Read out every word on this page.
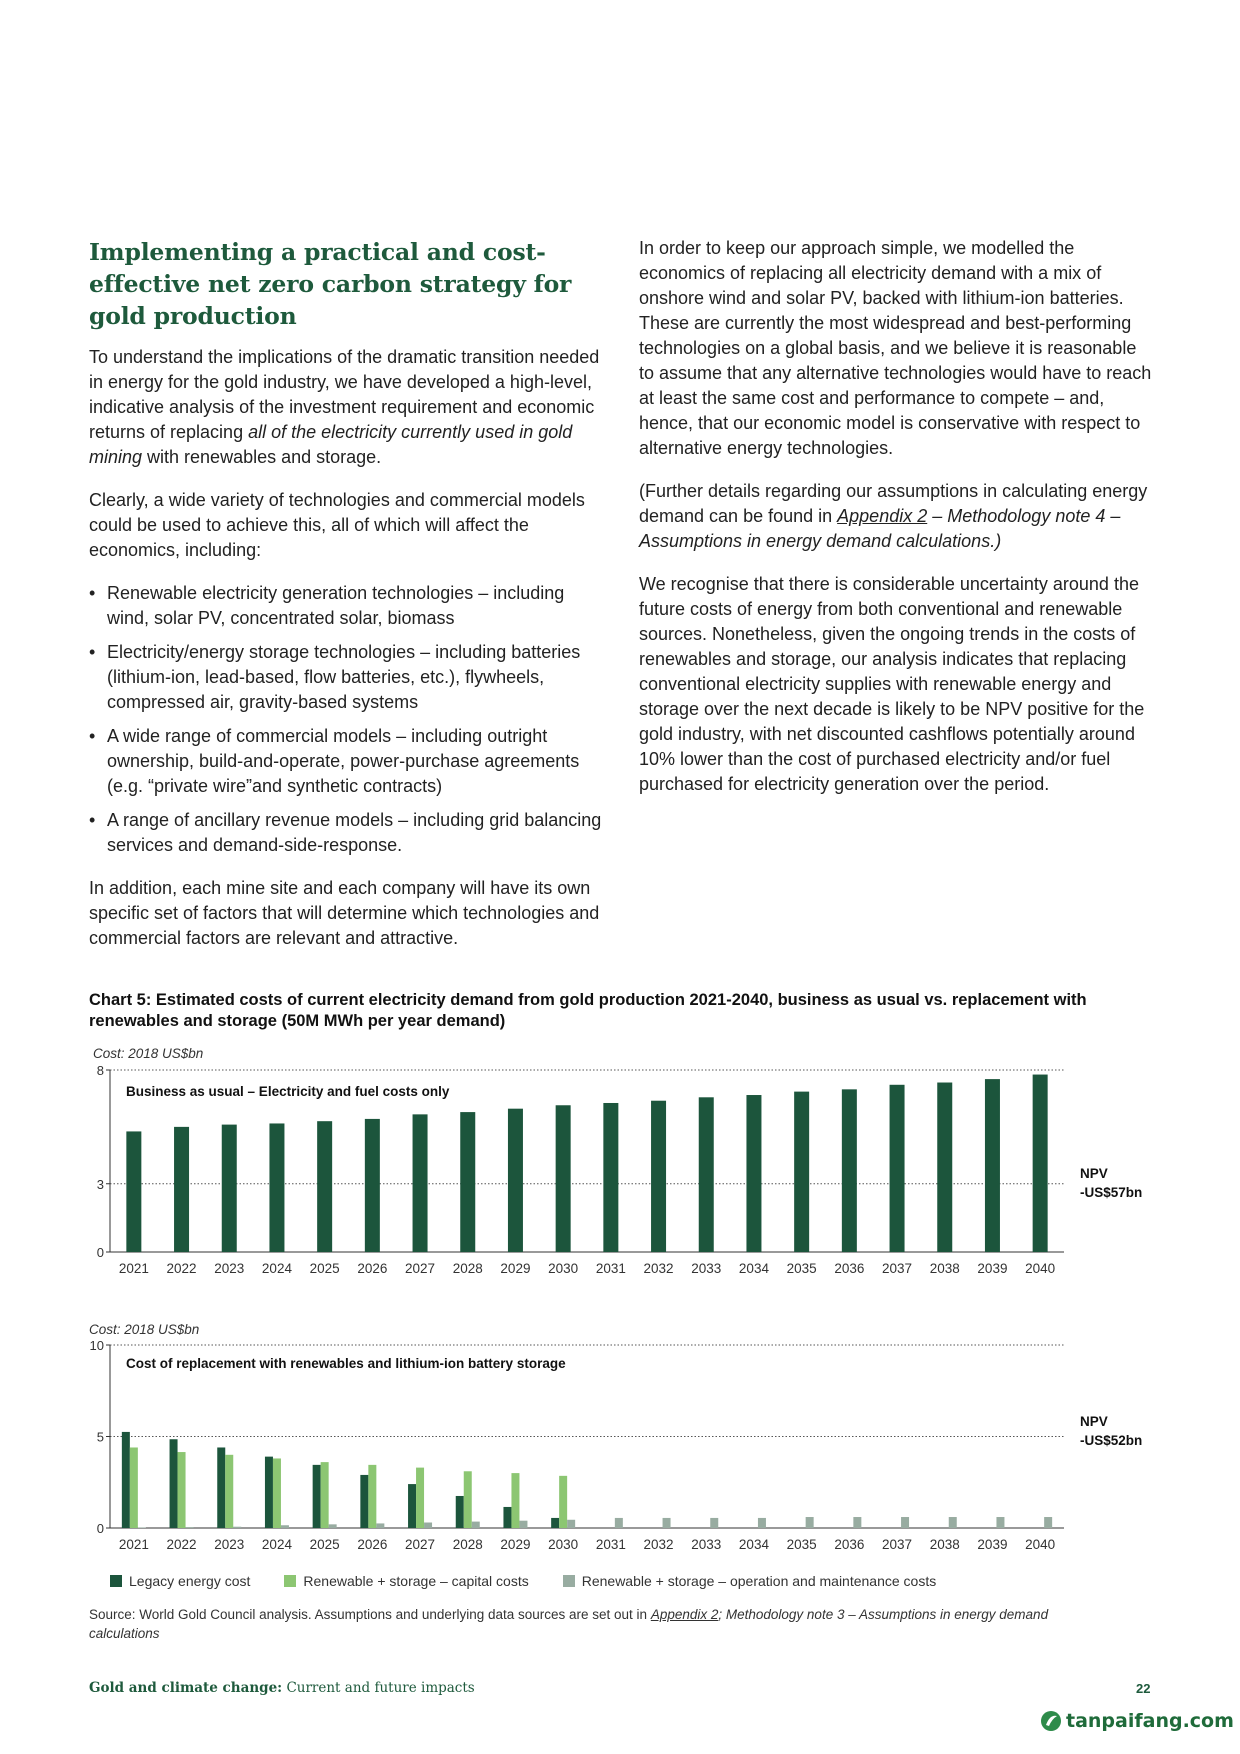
Implementing a practical and cost-effective net zero carbon strategy for gold production

To understand the implications of the dramatic transition needed in energy for the gold industry, we have developed a high-level, indicative analysis of the investment requirement and economic returns of replacing all of the electricity currently used in gold mining with renewables and storage.

Clearly, a wide variety of technologies and commercial models could be used to achieve this, all of which will affect the economics, including:

• Renewable electricity generation technologies – including wind, solar PV, concentrated solar, biomass
• Electricity/energy storage technologies – including batteries (lithium-ion, lead-based, flow batteries, etc.), flywheels, compressed air, gravity-based systems
• A wide range of commercial models – including outright ownership, build-and-operate, power-purchase agreements (e.g. “private wire”and synthetic contracts)
• A range of ancillary revenue models – including grid balancing services and demand-side-response.

In addition, each mine site and each company will have its own specific set of factors that will determine which technologies and commercial factors are relevant and attractive.

In order to keep our approach simple, we modelled the economics of replacing all electricity demand with a mix of onshore wind and solar PV, backed with lithium-ion batteries. These are currently the most widespread and best-performing technologies on a global basis, and we believe it is reasonable to assume that any alternative technologies would have to reach at least the same cost and performance to compete – and, hence, that our economic model is conservative with respect to alternative energy technologies.

(Further details regarding our assumptions in calculating energy demand can be found in Appendix 2 – Methodology note 4 – Assumptions in energy demand calculations.)

We recognise that there is considerable uncertainty around the future costs of energy from both conventional and renewable sources. Nonetheless, given the ongoing trends in the costs of renewables and storage, our analysis indicates that replacing conventional electricity supplies with renewable energy and storage over the next decade is likely to be NPV positive for the gold industry, with net discounted cashflows potentially around 10% lower than the cost of purchased electricity and/or fuel purchased for electricity generation over the period.

Chart 5: Estimated costs of current electricity demand from gold production 2021-2040, business as usual vs. replacement with renewables and storage (50M MWh per year demand)
Cost: 2018 US$bn
0
3
8
Business as usual – Electricity and fuel costs only
2021 2022 2023 2024 2025 2026 2027 2028 2029 2030 2031 2032 2033 2034 2035 2036 2037 2038 2039 2040
NPV
-US$57bn
Cost: 2018 US$bn
0
5
10
Cost of replacement with renewables and lithium-ion battery storage
2021 2022 2023 2024 2025 2026 2027 2028 2029 2030 2031 2032 2033 2034 2035 2036 2037 2038 2039 2040
NPV
-US$52bn
Legacy energy cost	Renewable + storage – capital costs	Renewable + storage – operation and maintenance costs
Source: World Gold Council analysis. Assumptions and underlying data sources are set out in Appendix 2; Methodology note 3 – Assumptions in energy demand calculations
Gold and climate change: Current and future impacts	22
tanpaifang.com
